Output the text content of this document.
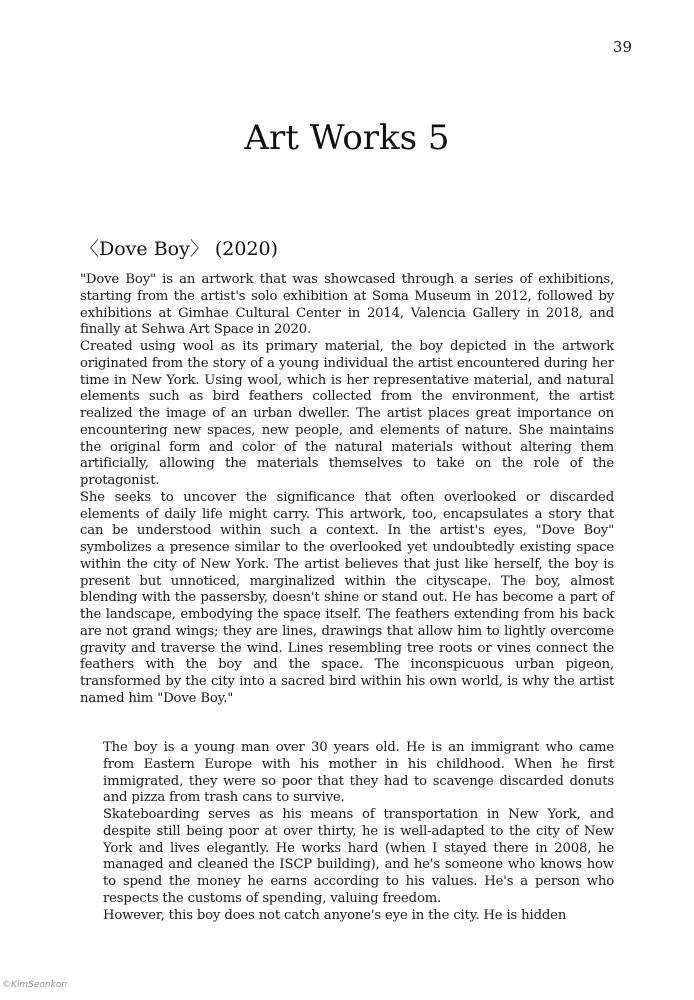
39
Art Works 5
〈Dove Boy〉 (2020)

"Dove Boy" is an artwork that was showcased through a series of exhibitions, starting from the artist's solo exhibition at Soma Museum in 2012, followed by exhibitions at Gimhae Cultural Center in 2014, Valencia Gallery in 2018, and finally at Sehwa Art Space in 2020.

Created using wool as its primary material, the boy depicted in the artwork originated from the story of a young individual the artist encountered during her time in New York. Using wool, which is her representative material, and natural elements such as bird feathers collected from the environment, the artist realized the image of an urban dweller. The artist places great importance on encountering new spaces, new people, and elements of nature. She maintains the original form and color of the natural materials without altering them artificially, allowing the materials themselves to take on the role of the protagonist.

She seeks to uncover the significance that often overlooked or discarded elements of daily life might carry. This artwork, too, encapsulates a story that can be understood within such a context. In the artist's eyes, "Dove Boy" symbolizes a presence similar to the overlooked yet undoubtedly existing space within the city of New York. The artist believes that just like herself, the boy is present but unnoticed, marginalized within the cityscape. The boy, almost blending with the passersby, doesn't shine or stand out. He has become a part of the landscape, embodying the space itself. The feathers extending from his back are not grand wings; they are lines, drawings that allow him to lightly overcome gravity and traverse the wind. Lines resembling tree roots or vines connect the feathers with the boy and the space. The inconspicuous urban pigeon, transformed by the city into a sacred bird within his own world, is why the artist named him "Dove Boy."

The boy is a young man over 30 years old. He is an immigrant who came from Eastern Europe with his mother in his childhood. When he first immigrated, they were so poor that they had to scavenge discarded donuts and pizza from trash cans to survive.

Skateboarding serves as his means of transportation in New York, and despite still being poor at over thirty, he is well-adapted to the city of New York and lives elegantly. He works hard (when I stayed there in 2008, he managed and cleaned the ISCP building), and he's someone who knows how to spend the money he earns according to his values. He's a person who respects the customs of spending, valuing freedom.

However, this boy does not catch anyone's eye in the city. He is hidden

©KimSeonkon
